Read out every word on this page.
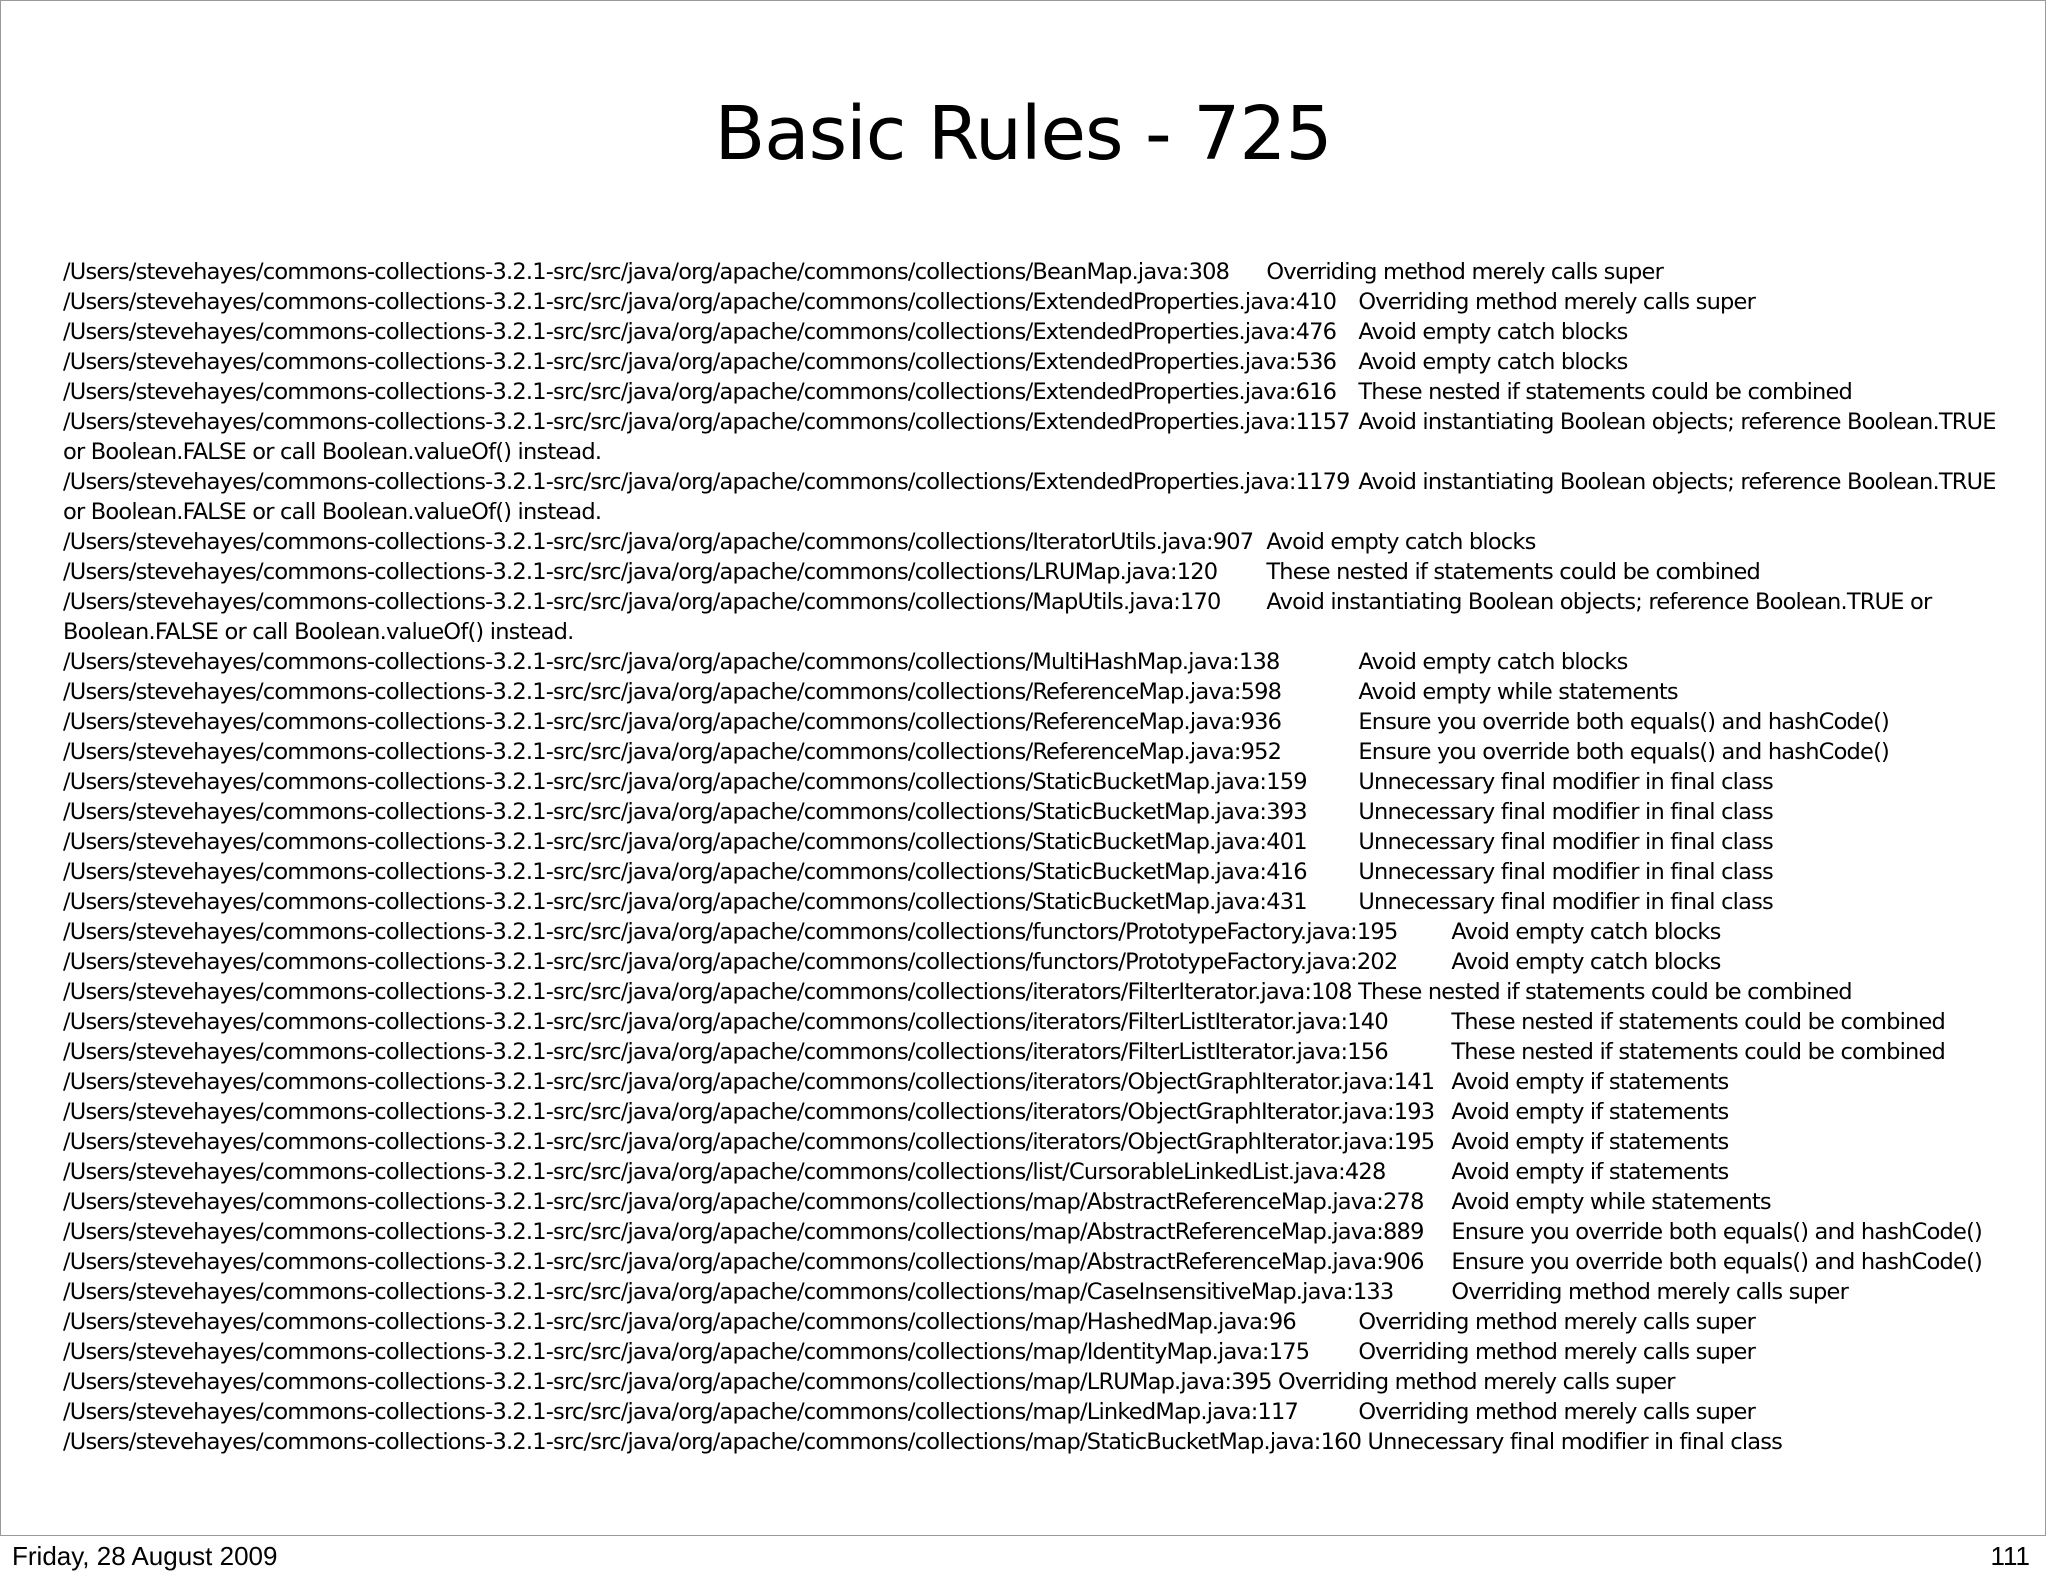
Basic Rules - 725
/Users/stevehayes/commons-collections-3.2.1-src/src/java/org/apache/commons/collections/BeanMap.java:308 Overriding method merely calls super
/Users/stevehayes/commons-collections-3.2.1-src/src/java/org/apache/commons/collections/ExtendedProperties.java:410 Overriding method merely calls super
/Users/stevehayes/commons-collections-3.2.1-src/src/java/org/apache/commons/collections/ExtendedProperties.java:476 Avoid empty catch blocks
/Users/stevehayes/commons-collections-3.2.1-src/src/java/org/apache/commons/collections/ExtendedProperties.java:536 Avoid empty catch blocks
/Users/stevehayes/commons-collections-3.2.1-src/src/java/org/apache/commons/collections/ExtendedProperties.java:616 These nested if statements could be combined
/Users/stevehayes/commons-collections-3.2.1-src/src/java/org/apache/commons/collections/ExtendedProperties.java:1157 Avoid instantiating Boolean objects; reference Boolean.TRUE or Boolean.FALSE or call Boolean.valueOf() instead.
/Users/stevehayes/commons-collections-3.2.1-src/src/java/org/apache/commons/collections/ExtendedProperties.java:1179 Avoid instantiating Boolean objects; reference Boolean.TRUE or Boolean.FALSE or call Boolean.valueOf() instead.
/Users/stevehayes/commons-collections-3.2.1-src/src/java/org/apache/commons/collections/IteratorUtils.java:907 Avoid empty catch blocks
/Users/stevehayes/commons-collections-3.2.1-src/src/java/org/apache/commons/collections/LRUMap.java:120 These nested if statements could be combined
/Users/stevehayes/commons-collections-3.2.1-src/src/java/org/apache/commons/collections/MapUtils.java:170 Avoid instantiating Boolean objects; reference Boolean.TRUE or Boolean.FALSE or call Boolean.valueOf() instead.
/Users/stevehayes/commons-collections-3.2.1-src/src/java/org/apache/commons/collections/MultiHashMap.java:138	Avoid empty catch blocks
/Users/stevehayes/commons-collections-3.2.1-src/src/java/org/apache/commons/collections/ReferenceMap.java:598	Avoid empty while statements
/Users/stevehayes/commons-collections-3.2.1-src/src/java/org/apache/commons/collections/ReferenceMap.java:936	Ensure you override both equals() and hashCode()
/Users/stevehayes/commons-collections-3.2.1-src/src/java/org/apache/commons/collections/ReferenceMap.java:952	Ensure you override both equals() and hashCode()
/Users/stevehayes/commons-collections-3.2.1-src/src/java/org/apache/commons/collections/StaticBucketMap.java:159 Unnecessary final modifier in final class
/Users/stevehayes/commons-collections-3.2.1-src/src/java/org/apache/commons/collections/StaticBucketMap.java:393 Unnecessary final modifier in final class
/Users/stevehayes/commons-collections-3.2.1-src/src/java/org/apache/commons/collections/StaticBucketMap.java:401 Unnecessary final modifier in final class
/Users/stevehayes/commons-collections-3.2.1-src/src/java/org/apache/commons/collections/StaticBucketMap.java:416 Unnecessary final modifier in final class
/Users/stevehayes/commons-collections-3.2.1-src/src/java/org/apache/commons/collections/StaticBucketMap.java:431 Unnecessary final modifier in final class
/Users/stevehayes/commons-collections-3.2.1-src/src/java/org/apache/commons/collections/functors/PrototypeFactory.java:195 Avoid empty catch blocks
/Users/stevehayes/commons-collections-3.2.1-src/src/java/org/apache/commons/collections/functors/PrototypeFactory.java:202 Avoid empty catch blocks
/Users/stevehayes/commons-collections-3.2.1-src/src/java/org/apache/commons/collections/iterators/FilterIterator.java:108 These nested if statements could be combined
/Users/stevehayes/commons-collections-3.2.1-src/src/java/org/apache/commons/collections/iterators/FilterListIterator.java:140	These nested if statements could be combined
/Users/stevehayes/commons-collections-3.2.1-src/src/java/org/apache/commons/collections/iterators/FilterListIterator.java:156	These nested if statements could be combined
/Users/stevehayes/commons-collections-3.2.1-src/src/java/org/apache/commons/collections/iterators/ObjectGraphIterator.java:141 Avoid empty if statements
/Users/stevehayes/commons-collections-3.2.1-src/src/java/org/apache/commons/collections/iterators/ObjectGraphIterator.java:193 Avoid empty if statements
/Users/stevehayes/commons-collections-3.2.1-src/src/java/org/apache/commons/collections/iterators/ObjectGraphIterator.java:195 Avoid empty if statements
/Users/stevehayes/commons-collections-3.2.1-src/src/java/org/apache/commons/collections/list/CursorableLinkedList.java:428	Avoid empty if statements
/Users/stevehayes/commons-collections-3.2.1-src/src/java/org/apache/commons/collections/map/AbstractReferenceMap.java:278 Avoid empty while statements
/Users/stevehayes/commons-collections-3.2.1-src/src/java/org/apache/commons/collections/map/AbstractReferenceMap.java:889 Ensure you override both equals() and hashCode()
/Users/stevehayes/commons-collections-3.2.1-src/src/java/org/apache/commons/collections/map/AbstractReferenceMap.java:906 Ensure you override both equals() and hashCode()
/Users/stevehayes/commons-collections-3.2.1-src/src/java/org/apache/commons/collections/map/CaseInsensitiveMap.java:133	Overriding method merely calls super
/Users/stevehayes/commons-collections-3.2.1-src/src/java/org/apache/commons/collections/map/HashedMap.java:96	Overriding method merely calls super
/Users/stevehayes/commons-collections-3.2.1-src/src/java/org/apache/commons/collections/map/IdentityMap.java:175 Overriding method merely calls super
/Users/stevehayes/commons-collections-3.2.1-src/src/java/org/apache/commons/collections/map/LRUMap.java:395 Overriding method merely calls super
/Users/stevehayes/commons-collections-3.2.1-src/src/java/org/apache/commons/collections/map/LinkedMap.java:117	Overriding method merely calls super
/Users/stevehayes/commons-collections-3.2.1-src/src/java/org/apache/commons/collections/map/StaticBucketMap.java:160 Unnecessary final modifier in final class
Friday, 28 August 2009	111
